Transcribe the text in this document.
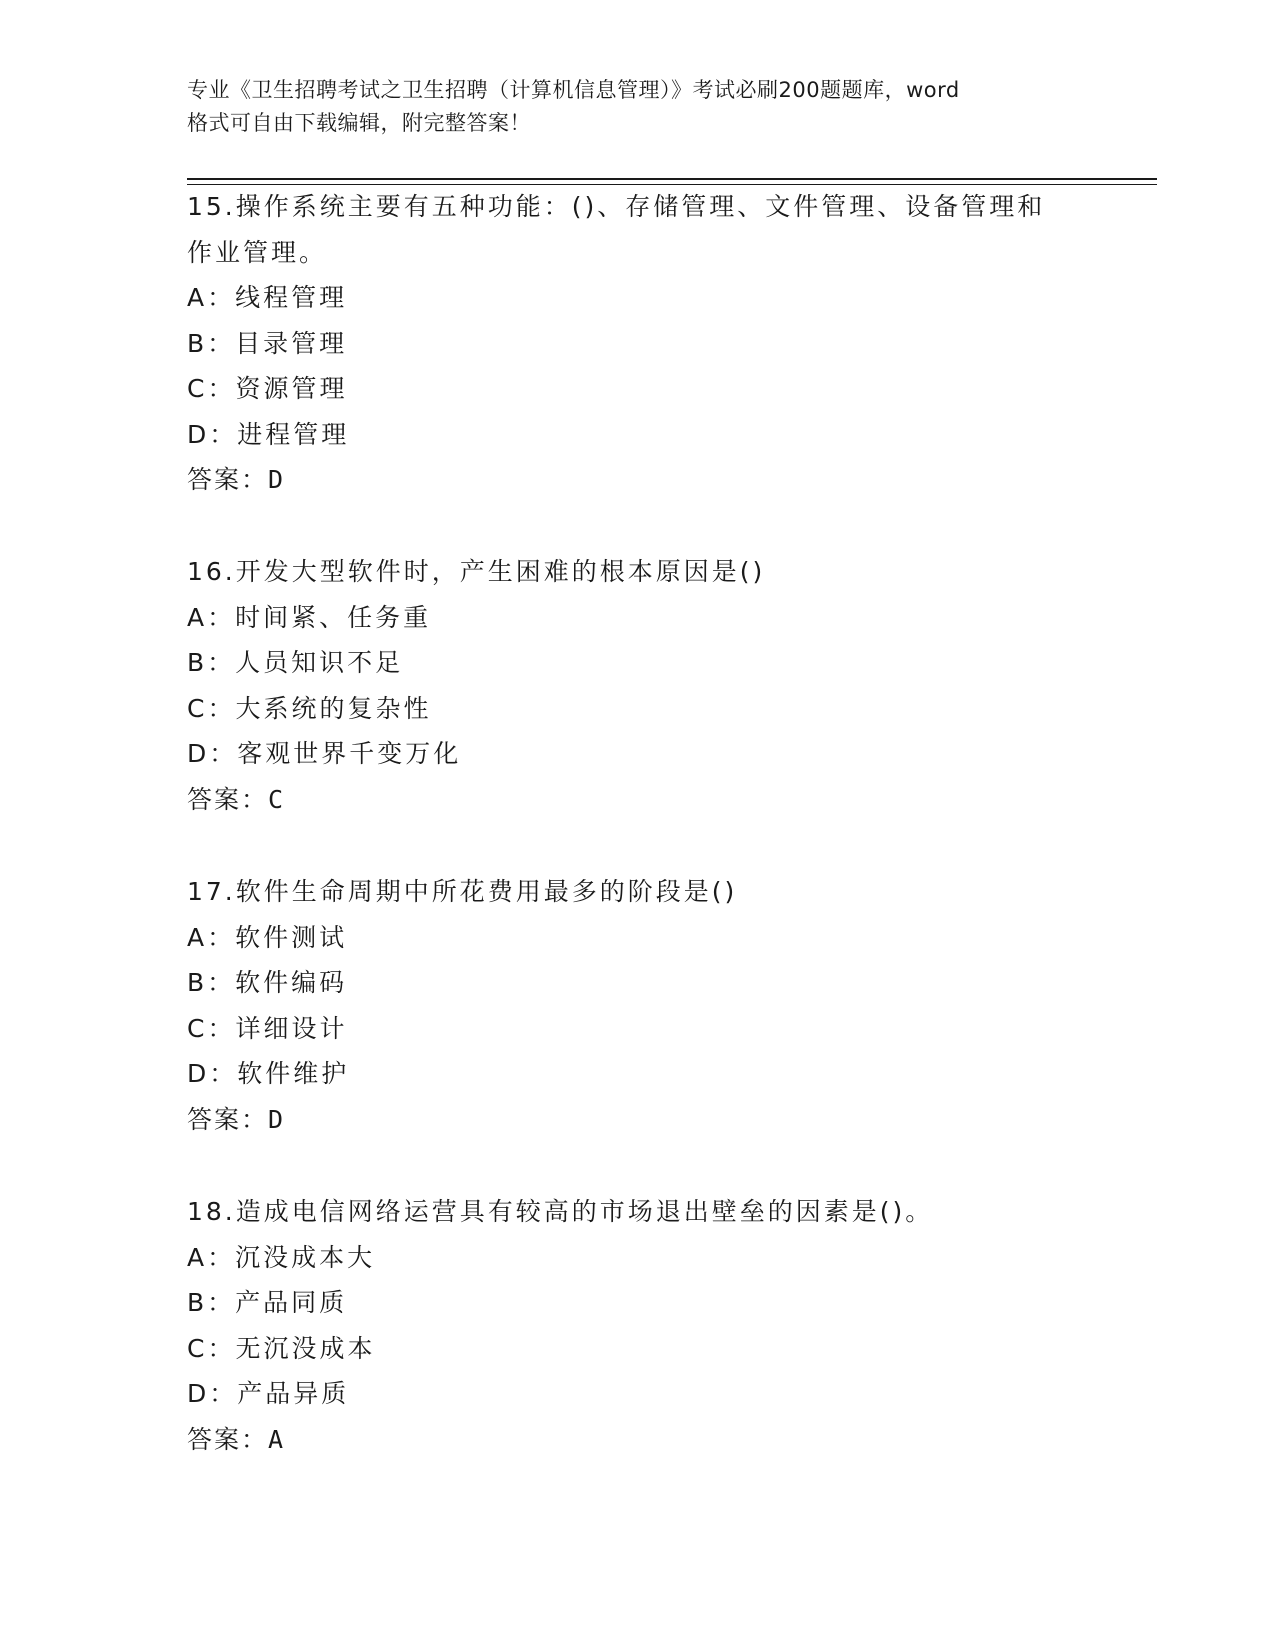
专业《卫生招聘考试之卫生招聘（计算机信息管理）》考试必刷200题题库，word
格式可自由下载编辑，附完整答案！
15.操作系统主要有五种功能：()、存储管理、文件管理、设备管理和
作业管理。
A：线程管理
B：目录管理
C：资源管理
D：进程管理
答案：D
16.开发大型软件时，产生困难的根本原因是()
A：时间紧、任务重
B：人员知识不足
C：大系统的复杂性
D：客观世界千变万化
答案：C
17.软件生命周期中所花费用最多的阶段是()
A：软件测试
B：软件编码
C：详细设计
D：软件维护
答案：D
18.造成电信网络运营具有较高的市场退出壁垒的因素是()。
A：沉没成本大
B：产品同质
C：无沉没成本
D：产品异质
答案：A
